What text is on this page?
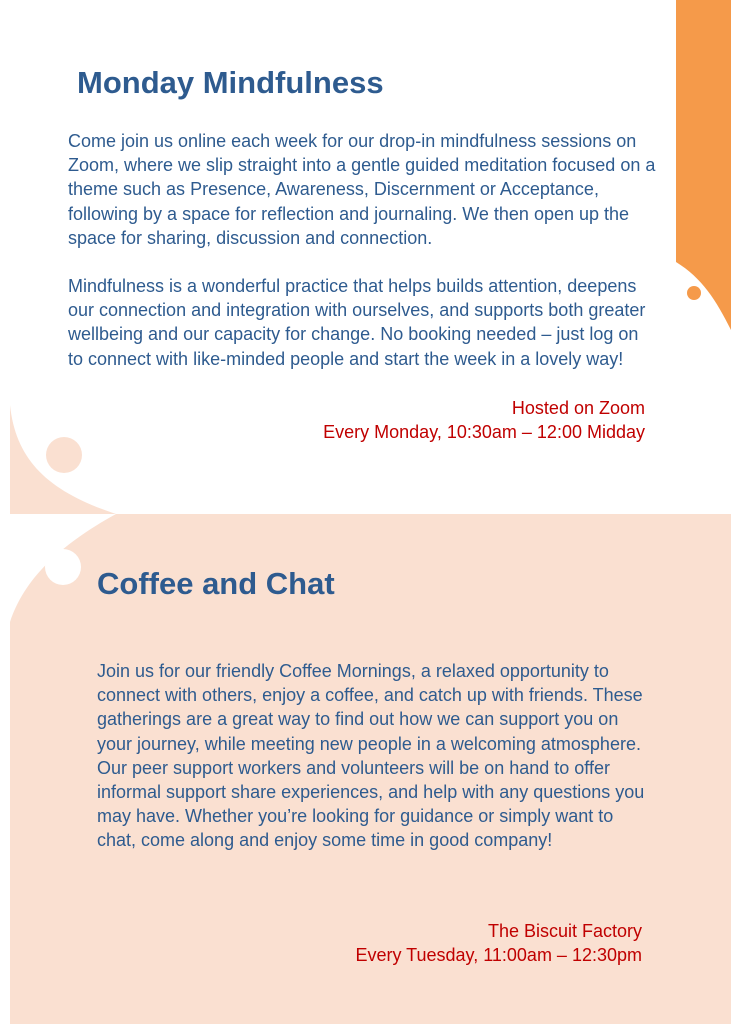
Monday Mindfulness

Come join us online each week for our drop-in mindfulness sessions on Zoom, where we slip straight into a gentle guided meditation focused on a theme such as Presence, Awareness, Discernment or Acceptance, following by a space for reflection and journaling. We then open up the space for sharing, discussion and connection.

Mindfulness is a wonderful practice that helps builds attention, deepens our connection and integration with ourselves, and supports both greater wellbeing and our capacity for change. No booking needed – just log on to connect with like-minded people and start the week in a lovely way!

Hosted on Zoom
Every Monday, 10:30am – 12:00 Midday
Coffee and Chat

Join us for our friendly Coffee Mornings, a relaxed opportunity to connect with others, enjoy a coffee, and catch up with friends. These gatherings are a great way to find out how we can support you on your journey, while meeting new people in a welcoming atmosphere. Our peer support workers and volunteers will be on hand to offer informal support share experiences, and help with any questions you may have. Whether you’re looking for guidance or simply want to chat, come along and enjoy some time in good company!

The Biscuit Factory
Every Tuesday, 11:00am – 12:30pm
